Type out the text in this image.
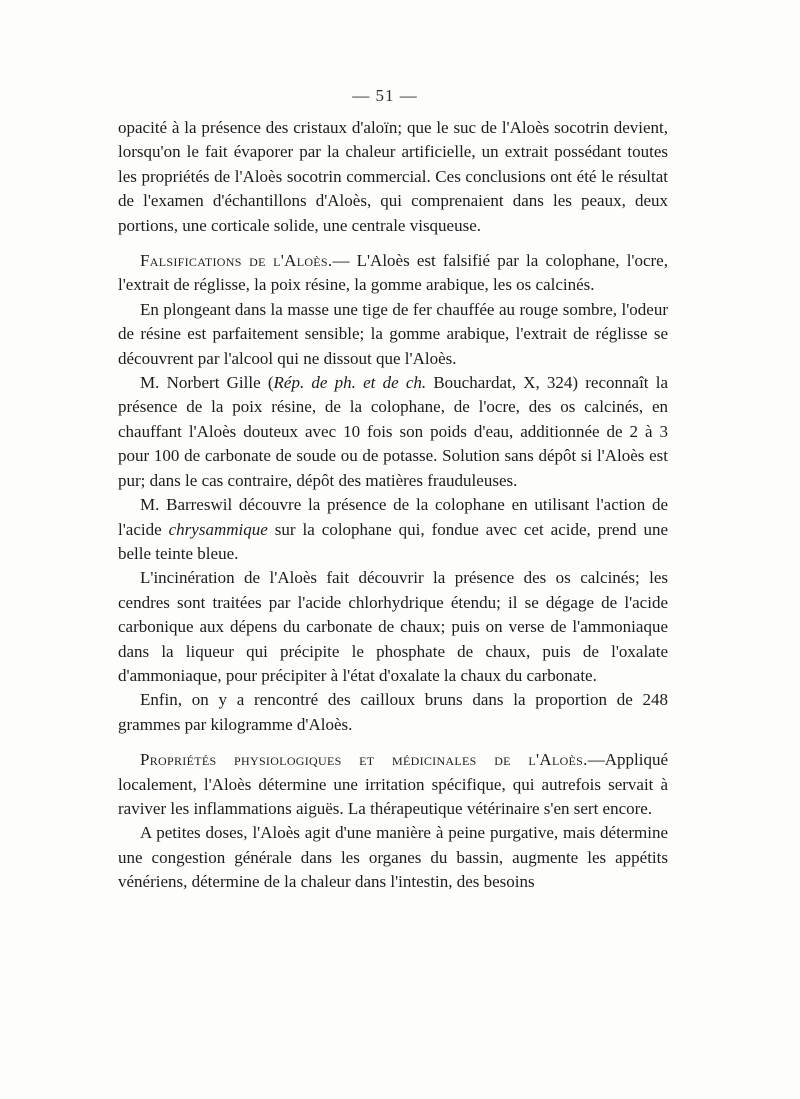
— 51 —

opacité à la présence des cristaux d'aloïn; que le suc de l'Aloès socotrin devient, lorsqu'on le fait évaporer par la chaleur artificielle, un extrait possédant toutes les propriétés de l'Aloès socotrin commercial. Ces conclusions ont été le résultat de l'examen d'échantillons d'Aloès, qui comprenaient dans les peaux, deux portions, une corticale solide, une centrale visqueuse.

Falsifications de l'Aloès.— L'Aloès est falsifié par la colophane, l'ocre, l'extrait de réglisse, la poix résine, la gomme arabique, les os calcinés.

En plongeant dans la masse une tige de fer chauffée au rouge sombre, l'odeur de résine est parfaitement sensible; la gomme arabique, l'extrait de réglisse se découvrent par l'alcool qui ne dissout que l'Aloès.

M. Norbert Gille (Rép. de ph. et de ch. Bouchardat, X, 324) reconnaît la présence de la poix résine, de la colophane, de l'ocre, des os calcinés, en chauffant l'Aloès douteux avec 10 fois son poids d'eau, additionnée de 2 à 3 pour 100 de carbonate de soude ou de potasse. Solution sans dépôt si l'Aloès est pur; dans le cas contraire, dépôt des matières frauduleuses.

M. Barreswil découvre la présence de la colophane en utilisant l'action de l'acide chrysammique sur la colophane qui, fondue avec cet acide, prend une belle teinte bleue.

L'incinération de l'Aloès fait découvrir la présence des os calcinés; les cendres sont traitées par l'acide chlorhydrique étendu; il se dégage de l'acide carbonique aux dépens du carbonate de chaux; puis on verse de l'ammoniaque dans la liqueur qui précipite le phosphate de chaux, puis de l'oxalate d'ammoniaque, pour précipiter à l'état d'oxalate la chaux du carbonate.

Enfin, on y a rencontré des cailloux bruns dans la proportion de 248 grammes par kilogramme d'Aloès.

Propriétés physiologiques et médicinales de l'Aloès.—Appliqué localement, l'Aloès détermine une irritation spécifique, qui autrefois servait à raviver les inflammations aiguës. La thérapeutique vétérinaire s'en sert encore.

A petites doses, l'Aloès agit d'une manière à peine purgative, mais détermine une congestion générale dans les organes du bassin, augmente les appétits vénériens, détermine de la chaleur dans l'intestin, des besoins
